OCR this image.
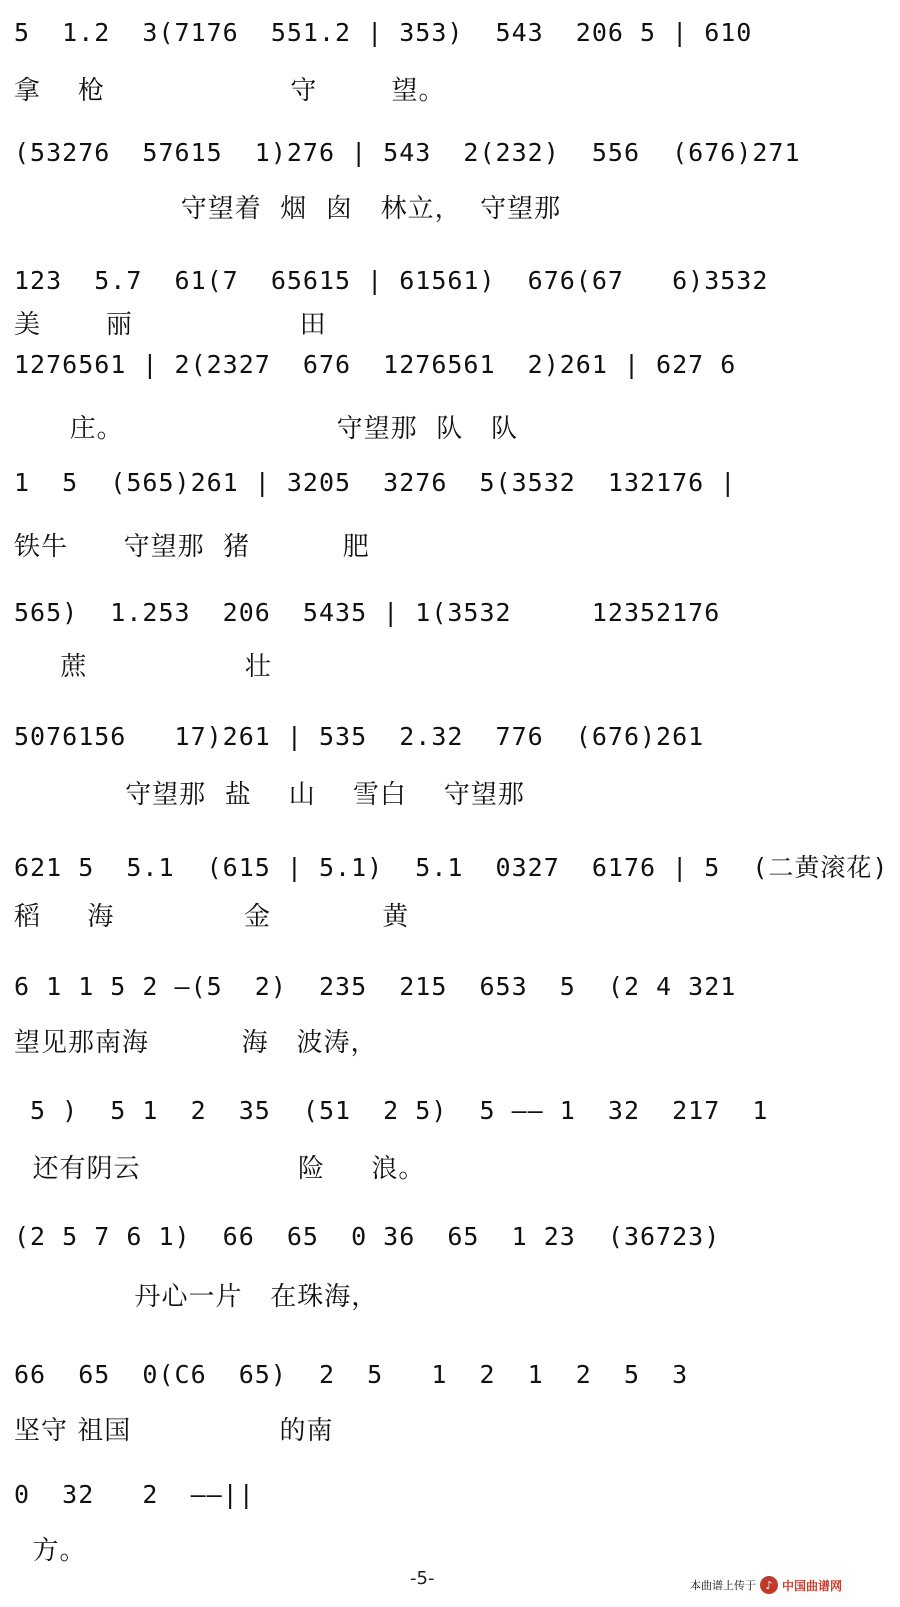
5  1.2  3(7176  551.2 | 353)  543  206 5 | 610
拿    枪                    守        望。
(53276  57615  1)276 | 543  2(232)  556  (676)271
守望着  烟  囱   林立，  守望那
123  5.7  61(7  65615 | 61561)  676(67   6)3532
美       丽                  田
1276561 | 2(2327  676  1276561  2)261 | 627 6
庄。                       守望那  队   队
1  5  (565)261 | 3205  3276  5(3532  132176 |
铁牛      守望那  猪          肥
565)  1.253  206  5435 | 1(3532     12352176
蔗                 壮
5076156   17)261 | 535  2.32  776  (676)261
守望那  盐    山    雪白    守望那
621 5  5.1  (615 | 5.1)  5.1  0327  6176 | 5  (二黄滚花)
稻     海              金            黄
6 1 1 5 2 —(5  2)  235  215  653  5  (2 4 321
望见那南海          海   波涛，
5 )  5 1  2  35  (51  2 5)  5 —— 1  32  217  1
还有阴云                 险     浪。
(2 5 7 6 1)  66  65  0 36  65  1 23  (36723)
丹心一片   在珠海，
66  65  0(C6  65)  2  5   1  2  1  2  5  3
坚守 祖国                的南
0  32   2  ——||
方。
-5-	本曲谱上传于 ♪ 中国曲谱网
